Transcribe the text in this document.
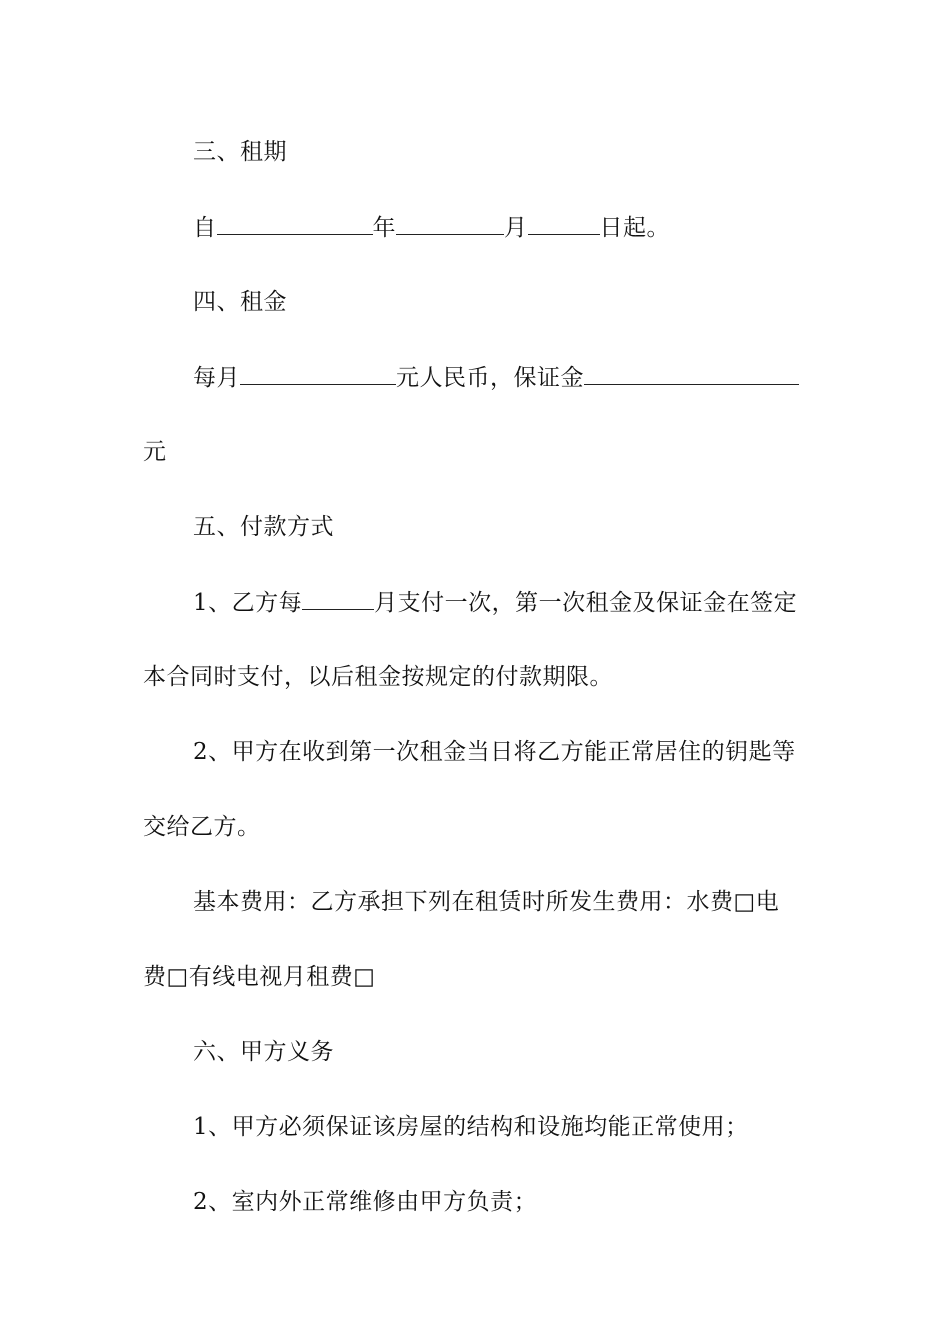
三、租期
自	年	月	日起。
四、租金
每月	元人民币，保证金
元
五、付款方式
1、乙方每	月支付一次，第一次租金及保证金在签定
本合同时支付，以后租金按规定的付款期限。
2、甲方在收到第一次租金当日将乙方能正常居住的钥匙等
交给乙方。
基本费用：乙方承担下列在租赁时所发生费用：水费□电
费□有线电视月租费□
六、甲方义务
1、甲方必须保证该房屋的结构和设施均能正常使用；
2、室内外正常维修由甲方负责；
